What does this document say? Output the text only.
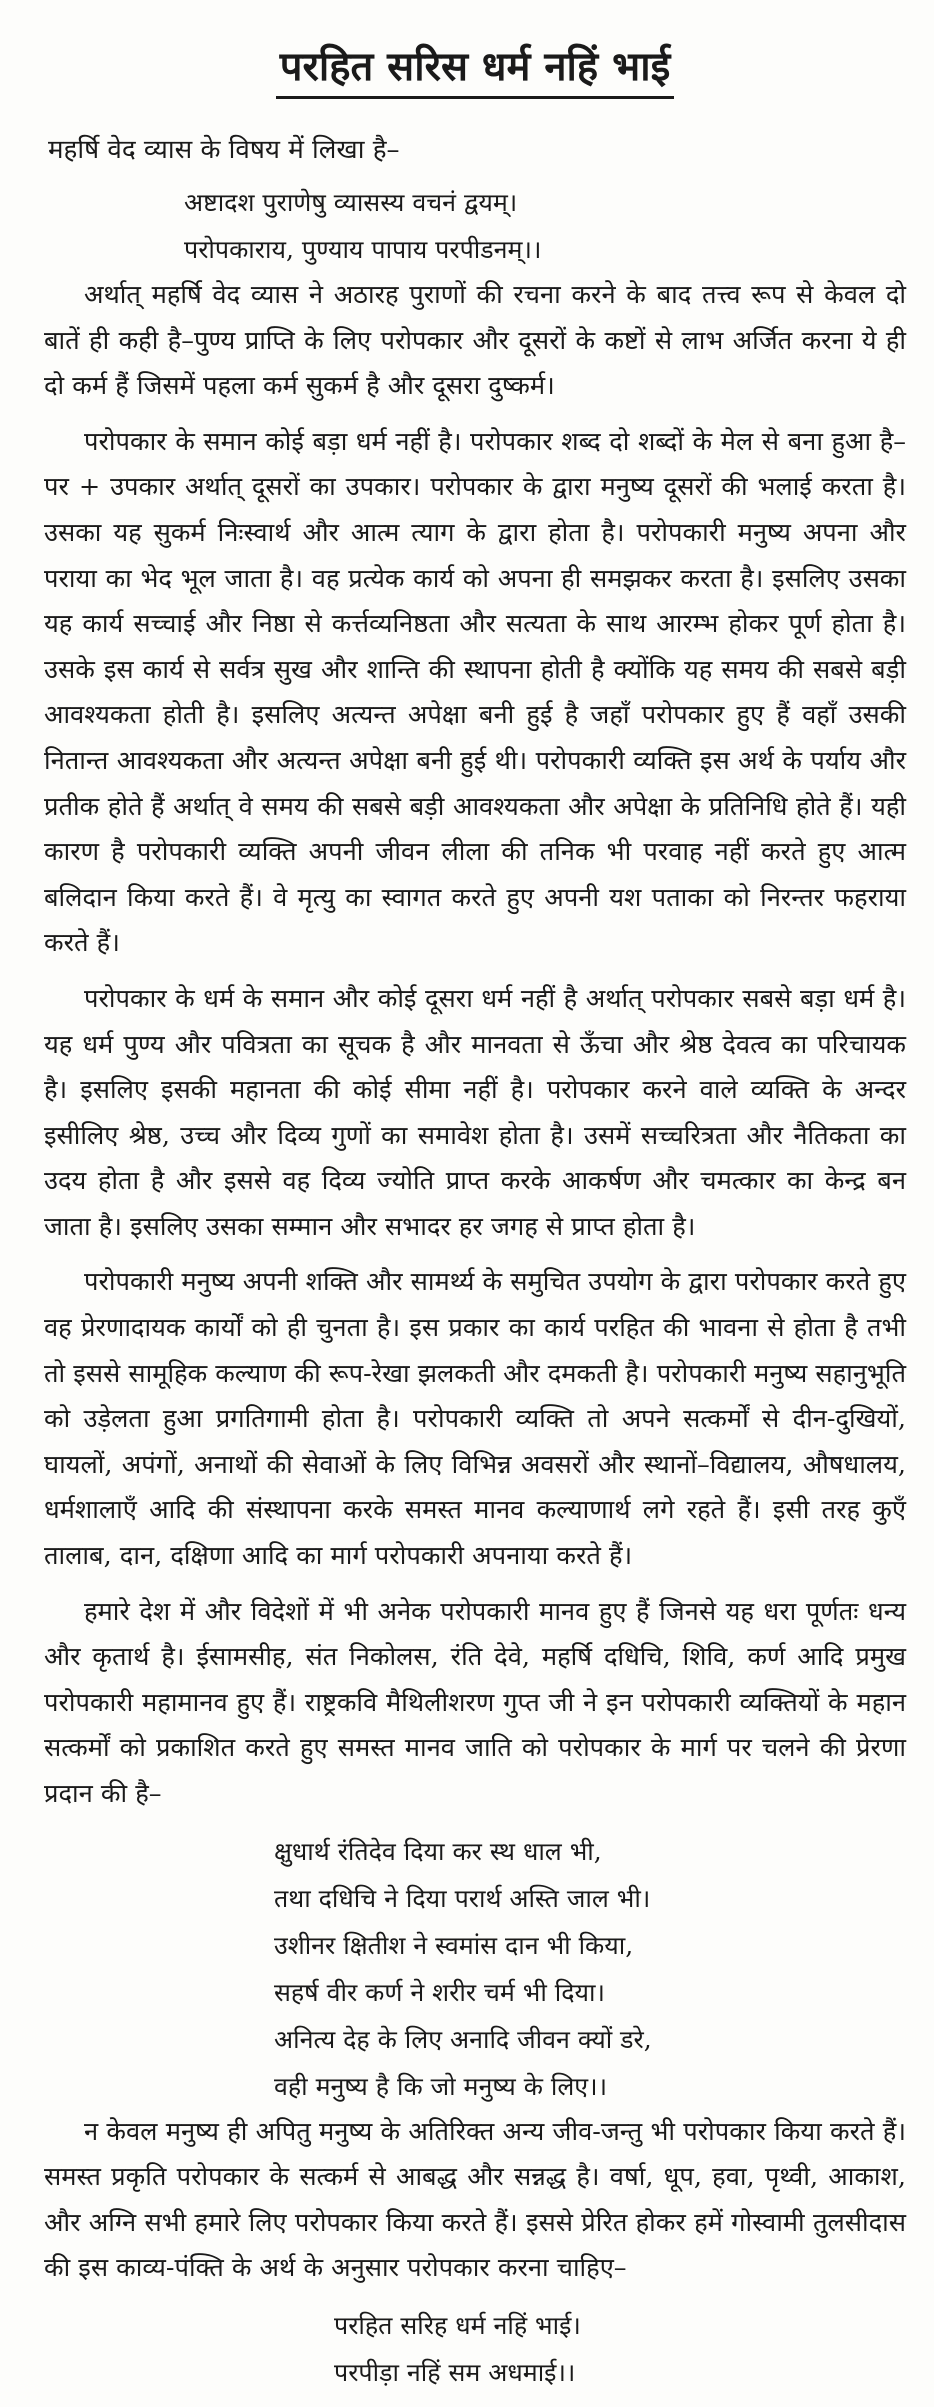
परहित सरिस धर्म नहिं भाई
महर्षि वेद व्यास के विषय में लिखा है–
अष्टादश पुराणेषु व्यासस्य वचनं द्वयम्।
परोपकाराय, पुण्याय पापाय परपीडनम्।।

अर्थात् महर्षि वेद व्यास ने अठारह पुराणों की रचना करने के बाद तत्त्व रूप से केवल दो बातें ही कही है–पुण्य प्राप्ति के लिए परोपकार और दूसरों के कष्टों से लाभ अर्जित करना ये ही दो कर्म हैं जिसमें पहला कर्म सुकर्म है और दूसरा दुष्कर्म।

परोपकार के समान कोई बड़ा धर्म नहीं है। परोपकार शब्द दो शब्दों के मेल से बना हुआ है– पर + उपकार अर्थात् दूसरों का उपकार। परोपकार के द्वारा मनुष्य दूसरों की भलाई करता है। उसका यह सुकर्म निःस्वार्थ और आत्म त्याग के द्वारा होता है। परोपकारी मनुष्य अपना और पराया का भेद भूल जाता है। वह प्रत्येक कार्य को अपना ही समझकर करता है। इसलिए उसका यह कार्य सच्चाई और निष्ठा से कर्त्तव्यनिष्ठता और सत्यता के साथ आरम्भ होकर पूर्ण होता है। उसके इस कार्य से सर्वत्र सुख और शान्ति की स्थापना होती है क्योंकि यह समय की सबसे बड़ी आवश्यकता होती है। इसलिए अत्यन्त अपेक्षा बनी हुई है जहाँ परोपकार हुए हैं वहाँ उसकी नितान्त आवश्यकता और अत्यन्त अपेक्षा बनी हुई थी। परोपकारी व्यक्ति इस अर्थ के पर्याय और प्रतीक होते हैं अर्थात् वे समय की सबसे बड़ी आवश्यकता और अपेक्षा के प्रतिनिधि होते हैं। यही कारण है परोपकारी व्यक्ति अपनी जीवन लीला की तनिक भी परवाह नहीं करते हुए आत्म बलिदान किया करते हैं। वे मृत्यु का स्वागत करते हुए अपनी यश पताका को निरन्तर फहराया करते हैं।

परोपकार के धर्म के समान और कोई दूसरा धर्म नहीं है अर्थात् परोपकार सबसे बड़ा धर्म है। यह धर्म पुण्य और पवित्रता का सूचक है और मानवता से ऊँचा और श्रेष्ठ देवत्व का परिचायक है। इसलिए इसकी महानता की कोई सीमा नहीं है। परोपकार करने वाले व्यक्ति के अन्दर इसीलिए श्रेष्ठ, उच्च और दिव्य गुणों का समावेश होता है। उसमें सच्चरित्रता और नैतिकता का उदय होता है और इससे वह दिव्य ज्योति प्राप्त करके आकर्षण और चमत्कार का केन्द्र बन जाता है। इसलिए उसका सम्मान और सभादर हर जगह से प्राप्त होता है।

परोपकारी मनुष्य अपनी शक्ति और सामर्थ्य के समुचित उपयोग के द्वारा परोपकार करते हुए वह प्रेरणादायक कार्यों को ही चुनता है। इस प्रकार का कार्य परहित की भावना से होता है तभी तो इससे सामूहिक कल्याण की रूप-रेखा झलकती और दमकती है। परोपकारी मनुष्य सहानुभूति को उड़ेलता हुआ प्रगतिगामी होता है। परोपकारी व्यक्ति तो अपने सत्कर्मों से दीन-दुखियों, घायलों, अपंगों, अनाथों की सेवाओं के लिए विभिन्न अवसरों और स्थानों–विद्यालय, औषधालय, धर्मशालाएँ आदि की संस्थापना करके समस्त मानव कल्याणार्थ लगे रहते हैं। इसी तरह कुएँ तालाब, दान, दक्षिणा आदि का मार्ग परोपकारी अपनाया करते हैं।

हमारे देश में और विदेशों में भी अनेक परोपकारी मानव हुए हैं जिनसे यह धरा पूर्णतः धन्य और कृतार्थ है। ईसामसीह, संत निकोलस, रंति देवे, महर्षि दधिचि, शिवि, कर्ण आदि प्रमुख परोपकारी महामानव हुए हैं। राष्ट्रकवि मैथिलीशरण गुप्त जी ने इन परोपकारी व्यक्तियों के महान सत्कर्मों को प्रकाशित करते हुए समस्त मानव जाति को परोपकार के मार्ग पर चलने की प्रेरणा प्रदान की है–

क्षुधार्थ रंतिदेव दिया कर स्थ धाल भी,
तथा दधिचि ने दिया परार्थ अस्ति जाल भी।
उशीनर क्षितीश ने स्वमांस दान भी किया,
सहर्ष वीर कर्ण ने शरीर चर्म भी दिया।
अनित्य देह के लिए अनादि जीवन क्यों डरे,
वही मनुष्य है कि जो मनुष्य के लिए।।

न केवल मनुष्य ही अपितु मनुष्य के अतिरिक्त अन्य जीव-जन्तु भी परोपकार किया करते हैं। समस्त प्रकृति परोपकार के सत्कर्म से आबद्ध और सन्नद्ध है। वर्षा, धूप, हवा, पृथ्वी, आकाश, और अग्नि सभी हमारे लिए परोपकार किया करते हैं। इससे प्रेरित होकर हमें गोस्वामी तुलसीदास की इस काव्य-पंक्ति के अर्थ के अनुसार परोपकार करना चाहिए–

परहित सरिह धर्म नहिं भाई।
परपीड़ा नहिं सम अधमाई।।
